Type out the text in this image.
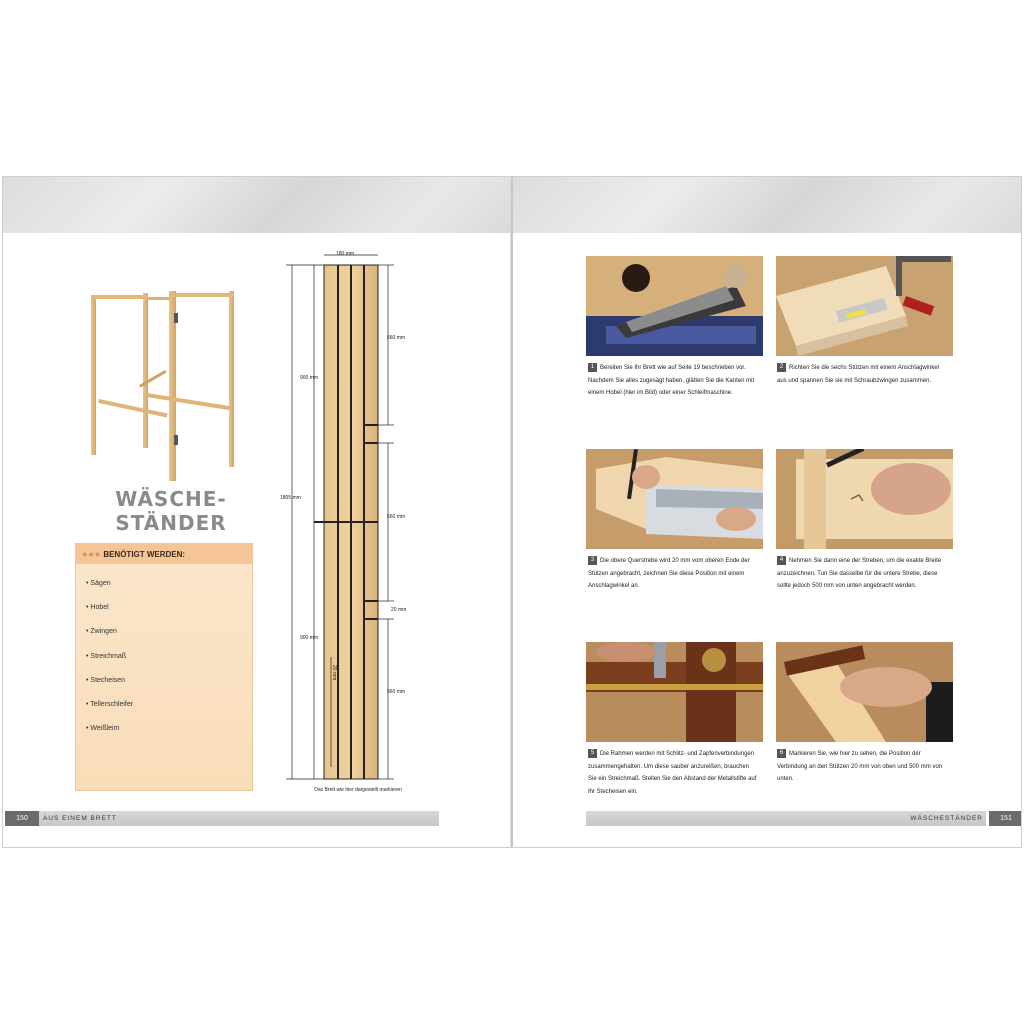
WÄSCHE-
STÄNDER
●●● BENÖTIGT WERDEN:
• Sägen
• Hobel
• Zwingen
• Streichmaß
• Stecheisen
• Tellerschleifer
• Weißleim
180 mm
1805 mm
900 mm
900 mm
560 mm
560 mm
560 mm
20 mm
20 mm
Das Brett wie hier dargestellt markieren
150	AUS EINEM BRETT
1 Bereiten Sie Ihr Brett wie auf Seite 19 beschrieben vor. Nachdem Sie alles zugesägt haben, glätten Sie die Kanten mit einem Hobel (hier im Bild) oder einer Schleifmaschine.
2 Richten Sie die sechs Stützen mit einem Anschlagwinkel aus und spannen Sie sie mit Schraubzwingen zusammen.
3 Die obere Querstrebe wird 20 mm vom oberen Ende der Stützen angebracht, zeichnen Sie diese Position mit einem Anschlagwinkel an.
4 Nehmen Sie dann eine der Streben, um die exakte Breite anzuzeichnen. Tun Sie dasselbe für die untere Strebe, diese sollte jedoch 500 mm von unten angebracht werden.
5 Die Rahmen werden mit Schlitz- und Zapfenverbindungen zusammengehalten. Um diese sauber anzureißen, brauchen Sie ein Streichmaß. Stellen Sie den Abstand der Metallstifte auf Ihr Stecheisen ein.
6 Markieren Sie, wie hier zu sehen, die Position der Verbindung an den Stützen 20 mm von oben und 500 mm von unten.
WÄSCHESTÄNDER	151
